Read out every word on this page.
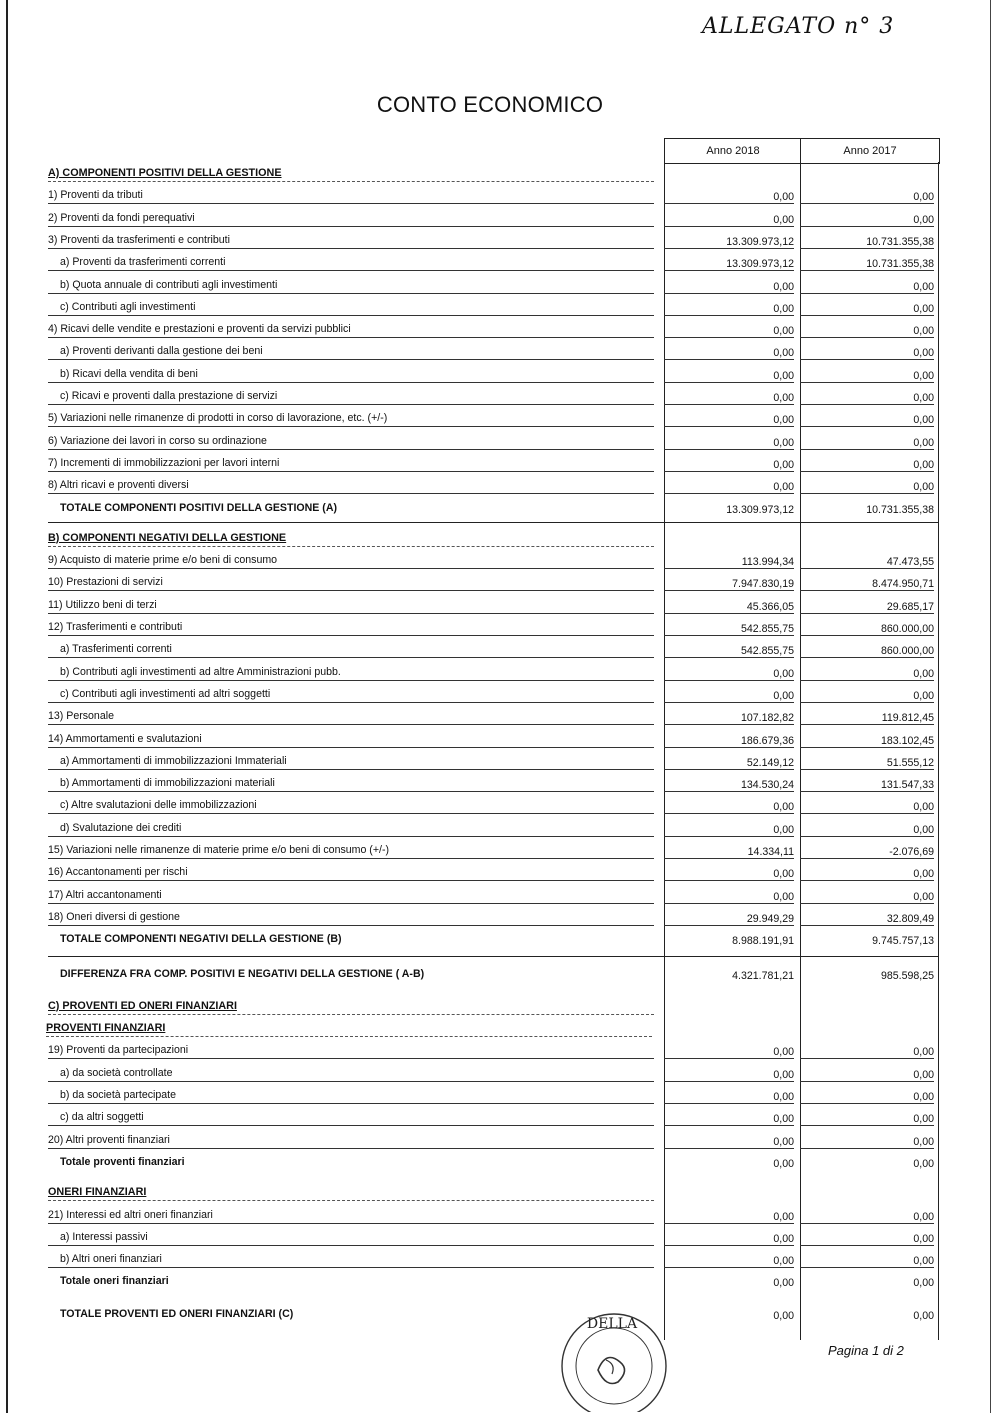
ALLEGATO n° 3
CONTO ECONOMICO
Anno 2018	Anno 2017
A) COMPONENTI POSITIVI DELLA GESTIONE
1) Proventi da tributi	0,00	0,00
2) Proventi da fondi perequativi	0,00	0,00
3) Proventi da trasferimenti e contributi	13.309.973,12	10.731.355,38
a) Proventi da trasferimenti correnti	13.309.973,12	10.731.355,38
b) Quota annuale di contributi agli investimenti	0,00	0,00
c) Contributi agli investimenti	0,00	0,00
4) Ricavi delle vendite e prestazioni e proventi da servizi pubblici	0,00	0,00
a) Proventi derivanti dalla gestione dei beni	0,00	0,00
b) Ricavi della vendita di beni	0,00	0,00
c) Ricavi e proventi dalla prestazione di servizi	0,00	0,00
5) Variazioni nelle rimanenze di prodotti in corso di lavorazione, etc. (+/-)	0,00	0,00
6) Variazione dei lavori in corso su ordinazione	0,00	0,00
7) Incrementi di immobilizzazioni per lavori interni	0,00	0,00
8) Altri ricavi e proventi diversi	0,00	0,00
TOTALE COMPONENTI POSITIVI DELLA GESTIONE (A)	13.309.973,12	10.731.355,38
B) COMPONENTI NEGATIVI DELLA GESTIONE
9) Acquisto di materie prime e/o beni di consumo	113.994,34	47.473,55
10) Prestazioni di servizi	7.947.830,19	8.474.950,71
11) Utilizzo beni di terzi	45.366,05	29.685,17
12) Trasferimenti e contributi	542.855,75	860.000,00
a) Trasferimenti correnti	542.855,75	860.000,00
b) Contributi agli investimenti ad altre Amministrazioni pubb.	0,00	0,00
c) Contributi agli investimenti ad altri soggetti	0,00	0,00
13) Personale	107.182,82	119.812,45
14) Ammortamenti e svalutazioni	186.679,36	183.102,45
a) Ammortamenti di immobilizzazioni Immateriali	52.149,12	51.555,12
b) Ammortamenti di immobilizzazioni materiali	134.530,24	131.547,33
c) Altre svalutazioni delle immobilizzazioni	0,00	0,00
d) Svalutazione dei crediti	0,00	0,00
15) Variazioni nelle rimanenze di materie prime e/o beni di consumo (+/-)	14.334,11	-2.076,69
16) Accantonamenti per rischi	0,00	0,00
17) Altri accantonamenti	0,00	0,00
18) Oneri diversi di gestione	29.949,29	32.809,49
TOTALE COMPONENTI NEGATIVI DELLA GESTIONE (B)	8.988.191,91	9.745.757,13
DIFFERENZA FRA COMP. POSITIVI E NEGATIVI DELLA GESTIONE ( A-B)	4.321.781,21	985.598,25
C) PROVENTI ED ONERI FINANZIARI
PROVENTI FINANZIARI
19) Proventi da partecipazioni	0,00	0,00
a) da società controllate	0,00	0,00
b) da società partecipate	0,00	0,00
c) da altri soggetti	0,00	0,00
20) Altri proventi finanziari	0,00	0,00
Totale proventi finanziari	0,00	0,00
ONERI FINANZIARI
21) Interessi ed altri oneri finanziari	0,00	0,00
a) Interessi passivi	0,00	0,00
b) Altri oneri finanziari	0,00	0,00
Totale oneri finanziari	0,00	0,00
TOTALE PROVENTI ED ONERI FINANZIARI (C)	0,00	0,00
Pagina 1 di 2
DELLA
